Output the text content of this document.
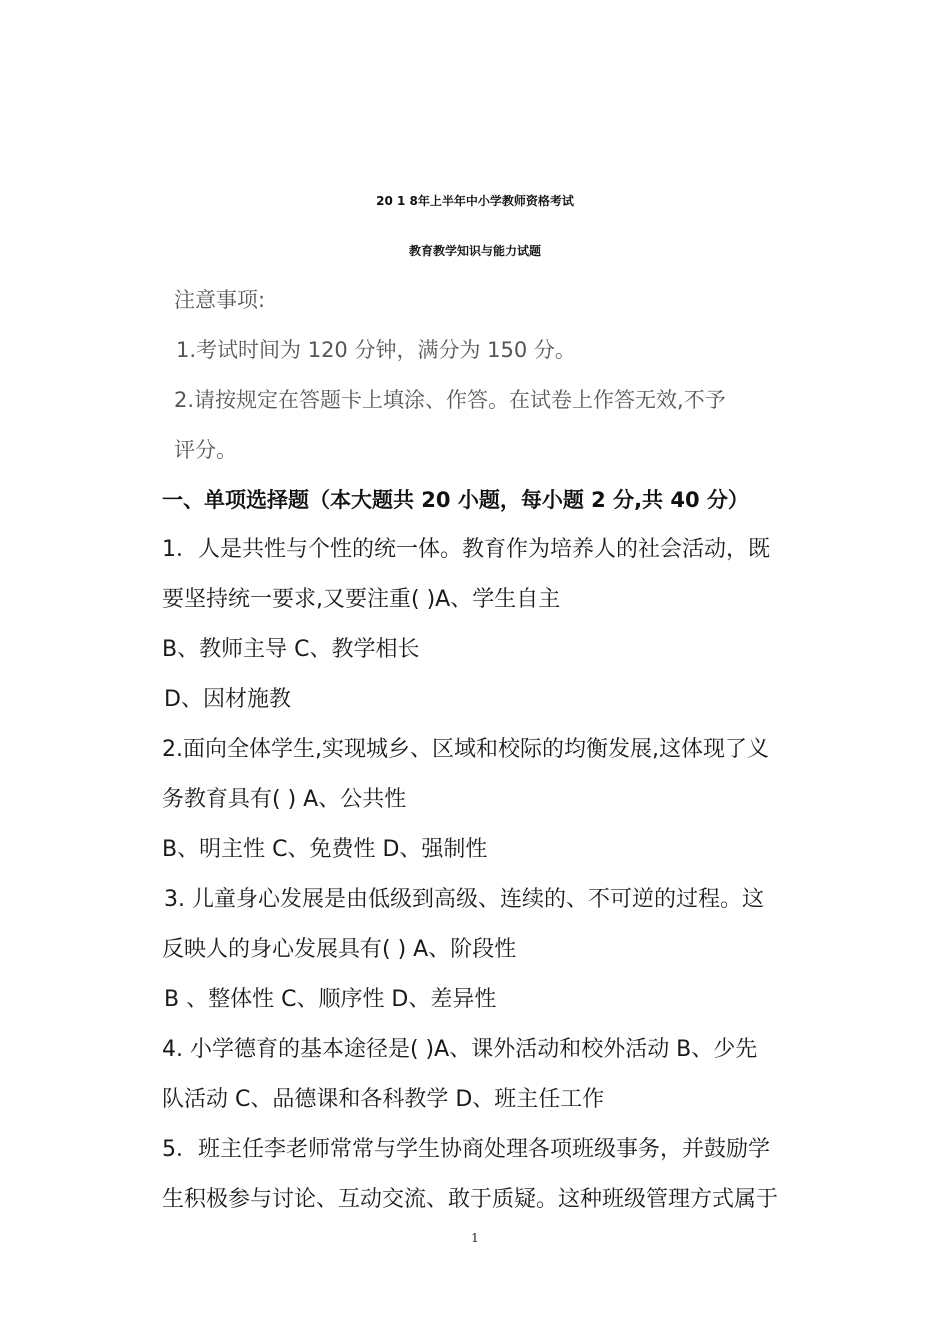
20 1 8年上半年中小学教师资格考试
教育教学知识与能力试题
注意事项:
1.考试时间为 120 分钟，满分为 150 分。
2.请按规定在答题卡上填涂、作答。在试卷上作答无效,不予
评分。
一、单项选择题（本大题共 20 小题，每小题 2 分,共 40 分）
1．人是共性与个性的统一体。教育作为培养人的社会活动，既
要坚持统一要求,又要注重( )A、学生自主
B、教师主导 C、教学相长
D、因材施教
2.面向全体学生,实现城乡、区域和校际的均衡发展,这体现了义
务教育具有( ) A、公共性
B、明主性 C、免费性 D、强制性
3. 儿童身心发展是由低级到高级、连续的、不可逆的过程。这
反映人的身心发展具有( ) A、阶段性
B 、整体性 C、顺序性 D、差异性
4. 小学德育的基本途径是( )A、课外活动和校外活动 B、少先
队活动 C、品德课和各科教学 D、班主任工作
5．班主任李老师常常与学生协商处理各项班级事务，并鼓励学
生积极参与讨论、互动交流、敢于质疑。这种班级管理方式属于
1
